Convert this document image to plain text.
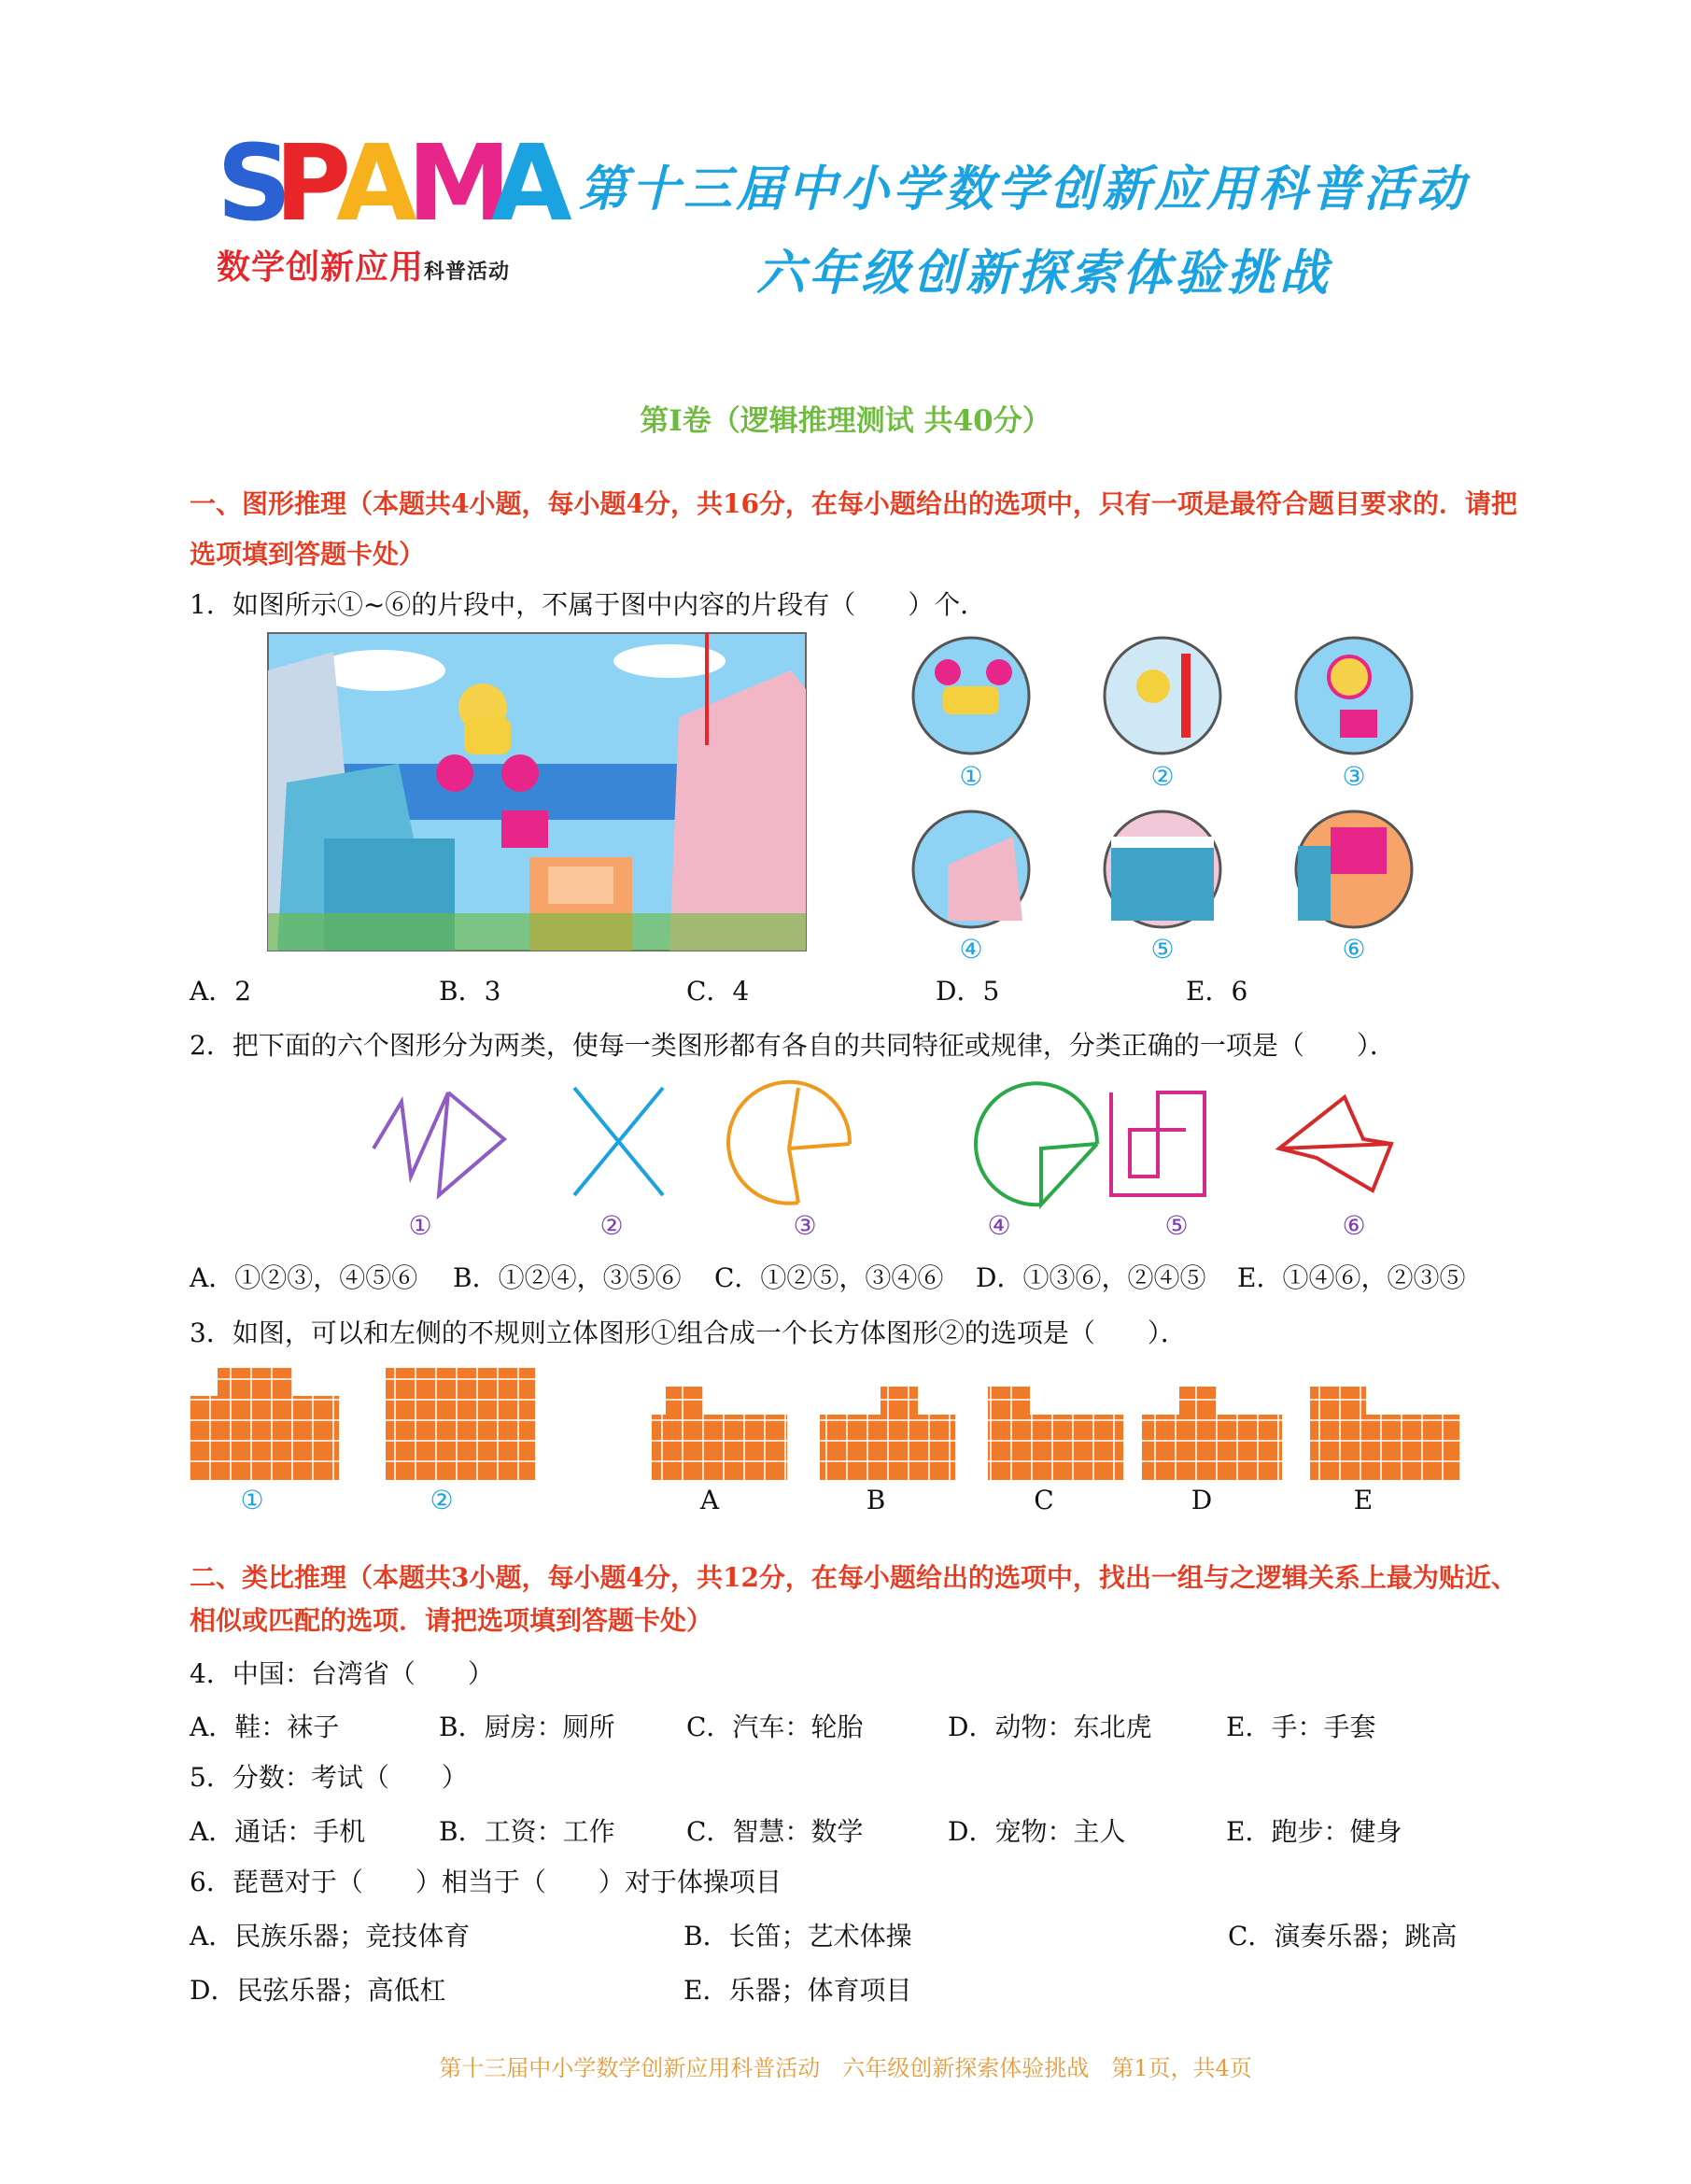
S
P
A
M
A
数学创新应用科普活动
第十三届中小学数学创新应用科普活动
六年级创新探索体验挑战
第Ⅰ卷（逻辑推理测试 共40分）
一、图形推理（本题共4小题，每小题4分，共16分，在每小题给出的选项中，只有一项是最符合题目要求的．请把
选项填到答题卡处）
1．如图所示①~⑥的片段中，不属于图中内容的片段有（　　）个．
①	②	③
④	⑤	⑥
A．2	B．3	C．4	D．5	E．6
2．把下面的六个图形分为两类，使每一类图形都有各自的共同特征或规律，分类正确的一项是（　　）．
①	②	③	④	⑤	⑥
A．①②③，④⑤⑥ B．①②④，③⑤⑥ C．①②⑤，③④⑥ D．①③⑥，②④⑤ E．①④⑥，②③⑤
3．如图，可以和左侧的不规则立体图形①组合成一个长方体图形②的选项是（　　）．
①	②	A	B	C	D	E
二、类比推理（本题共3小题，每小题4分，共12分，在每小题给出的选项中，找出一组与之逻辑关系上最为贴近、
相似或匹配的选项．请把选项填到答题卡处）
4．中国：台湾省（　　）
A．鞋：袜子	B．厨房：厕所	C．汽车：轮胎	D．动物：东北虎	E．手：手套
5．分数：考试（　　）
A．通话：手机	B．工资：工作	C．智慧：数学	D．宠物：主人	E．跑步：健身
6．琵琶对于（　　）相当于（　　）对于体操项目
A．民族乐器；竞技体育	B．长笛；艺术体操	C．演奏乐器；跳高
D．民弦乐器；高低杠	E．乐器；体育项目
第十三届中小学数学创新应用科普活动　六年级创新探索体验挑战　第1页，共4页
